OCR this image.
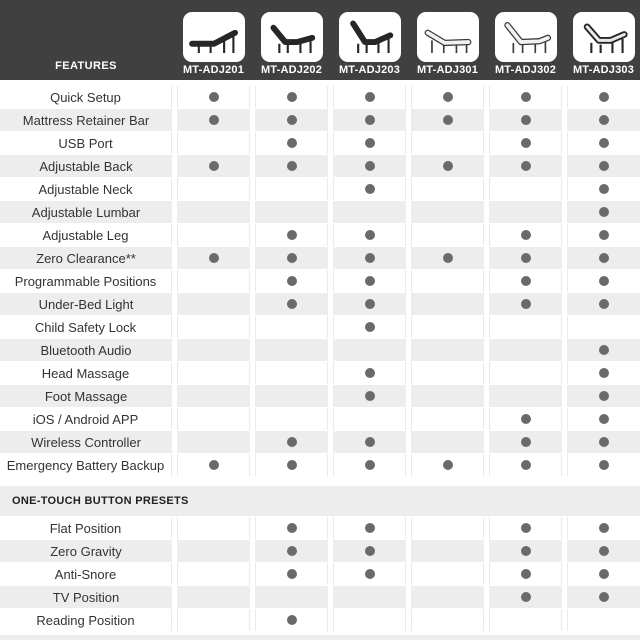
FEATURES	MT-ADJ201 MT-ADJ202 MT-ADJ203 MT-ADJ301 MT-ADJ302 MT-ADJ303
Quick Setup
Mattress Retainer Bar
USB Port
Adjustable Back
Adjustable Neck
Adjustable Lumbar
Adjustable Leg
Zero Clearance**
Programmable Positions
Under-Bed Light
Child Safety Lock
Bluetooth Audio
Head Massage
Foot Massage
iOS / Android APP
Wireless Controller
Emergency Battery Backup
ONE-TOUCH BUTTON PRESETS
Flat Position
Zero Gravity
Anti-Snore
TV Position
Reading Position
